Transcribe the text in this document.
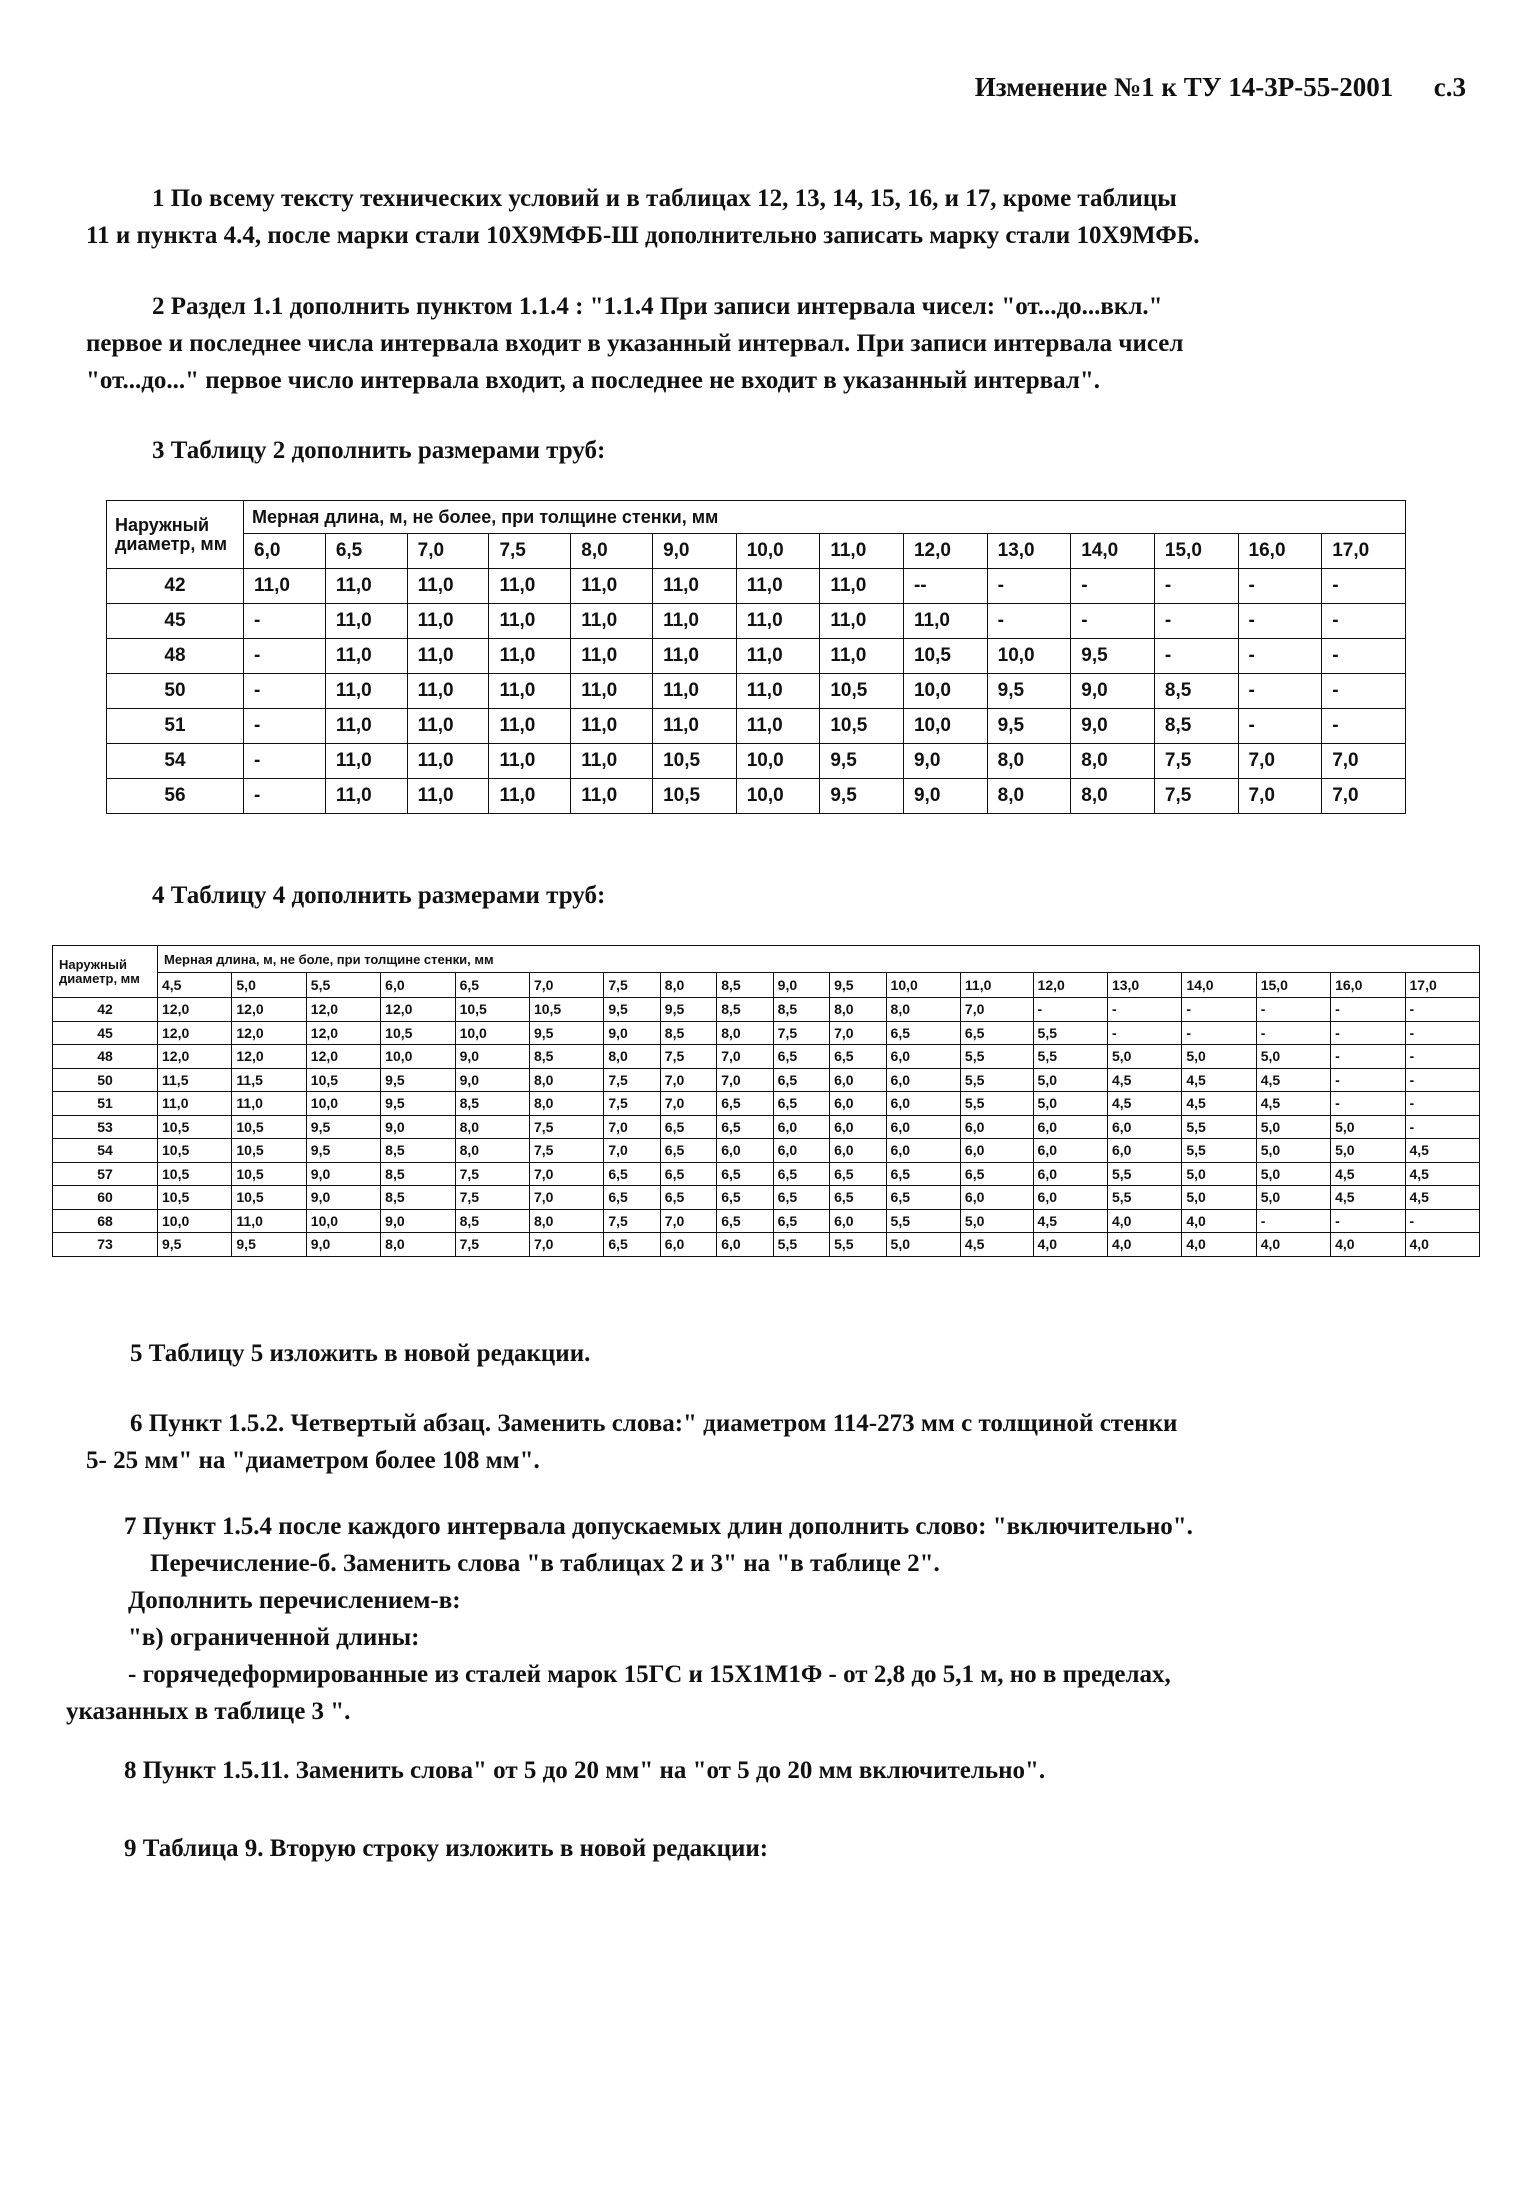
Изменение №1 к ТУ 14-3Р-55-2001      с.3
1 По всему тексту технических условий и в таблицах 12, 13, 14, 15, 16, и 17, кроме таблицы
11 и пункта 4.4, после марки стали 10Х9МФБ-Ш дополнительно записать марку стали 10Х9МФБ.
2 Раздел 1.1 дополнить пунктом 1.1.4 : "1.1.4 При записи интервала чисел: "от...до...вкл."
первое и последнее числа интервала входит в указанный интервал. При записи интервала чисел
"от...до..." первое число интервала входит, а последнее не входит в указанный интервал".
3 Таблицу 2 дополнить размерами труб:
Наружный диаметр, мм	Мерная длина, м, не более, при толщине стенки, мм													
	6,0	6,5	7,0	7,5	8,0	9,0	10,0	11,0	12,0	13,0	14,0	15,0	16,0	17,0
42	11,0	11,0	11,0	11,0	11,0	11,0	11,0	11,0	--	-	-	-	-	-
45	-	11,0	11,0	11,0	11,0	11,0	11,0	11,0	11,0	-	-	-	-	-
48	-	11,0	11,0	11,0	11,0	11,0	11,0	11,0	10,5	10,0	9,5	-	-	-
50	-	11,0	11,0	11,0	11,0	11,0	11,0	10,5	10,0	9,5	9,0	8,5	-	-
51	-	11,0	11,0	11,0	11,0	11,0	11,0	10,5	10,0	9,5	9,0	8,5	-	-
54	-	11,0	11,0	11,0	11,0	10,5	10,0	9,5	9,0	8,0	8,0	7,5	7,0	7,0
56	-	11,0	11,0	11,0	11,0	10,5	10,0	9,5	9,0	8,0	8,0	7,5	7,0	7,0
4 Таблицу 4 дополнить размерами труб:
Наружный диаметр, мм	Мерная длина, м, не боле, при толщине стенки, мм																		
	4,5	5,0	5,5	6,0	6,5	7,0	7,5	8,0	8,5	9,0	9,5	10,0	11,0	12,0	13,0	14,0	15,0	16,0	17,0
42	12,0	12,0	12,0	12,0	10,5	10,5	9,5	9,5	8,5	8,5	8,0	8,0	7,0	-	-	-	-	-	-
45	12,0	12,0	12,0	10,5	10,0	9,5	9,0	8,5	8,0	7,5	7,0	6,5	6,5	5,5	-	-	-	-	-
48	12,0	12,0	12,0	10,0	9,0	8,5	8,0	7,5	7,0	6,5	6,5	6,0	5,5	5,5	5,0	5,0	5,0	-	-
50	11,5	11,5	10,5	9,5	9,0	8,0	7,5	7,0	7,0	6,5	6,0	6,0	5,5	5,0	4,5	4,5	4,5	-	-
51	11,0	11,0	10,0	9,5	8,5	8,0	7,5	7,0	6,5	6,5	6,0	6,0	5,5	5,0	4,5	4,5	4,5	-	-
53	10,5	10,5	9,5	9,0	8,0	7,5	7,0	6,5	6,5	6,0	6,0	6,0	6,0	6,0	6,0	5,5	5,0	5,0	-
54	10,5	10,5	9,5	8,5	8,0	7,5	7,0	6,5	6,0	6,0	6,0	6,0	6,0	6,0	6,0	5,5	5,0	5,0	4,5
57	10,5	10,5	9,0	8,5	7,5	7,0	6,5	6,5	6,5	6,5	6,5	6,5	6,5	6,0	5,5	5,0	5,0	4,5	4,5
60	10,5	10,5	9,0	8,5	7,5	7,0	6,5	6,5	6,5	6,5	6,5	6,5	6,0	6,0	5,5	5,0	5,0	4,5	4,5
68	10,0	11,0	10,0	9,0	8,5	8,0	7,5	7,0	6,5	6,5	6,0	5,5	5,0	4,5	4,0	4,0	-	-	-
73	9,5	9,5	9,0	8,0	7,5	7,0	6,5	6,0	6,0	5,5	5,5	5,0	4,5	4,0	4,0	4,0	4,0	4,0	4,0
5 Таблицу 5 изложить в новой редакции.
6 Пункт 1.5.2. Четвертый абзац. Заменить слова:" диаметром 114-273 мм с толщиной стенки
5- 25 мм" на "диаметром более 108 мм".
7 Пункт 1.5.4 после каждого интервала допускаемых длин дополнить слово: "включительно".
Перечисление-б. Заменить слова "в таблицах 2 и 3" на "в таблице 2".
Дополнить перечислением-в:
"в) ограниченной длины:
- горячедеформированные из сталей марок 15ГС и 15Х1М1Ф - от 2,8 до 5,1 м, но в пределах,
указанных в таблице 3 ".
8 Пункт 1.5.11. Заменить слова" от 5 до 20 мм" на "от 5 до 20 мм включительно".
9 Таблица 9. Вторую строку изложить в новой редакции:
